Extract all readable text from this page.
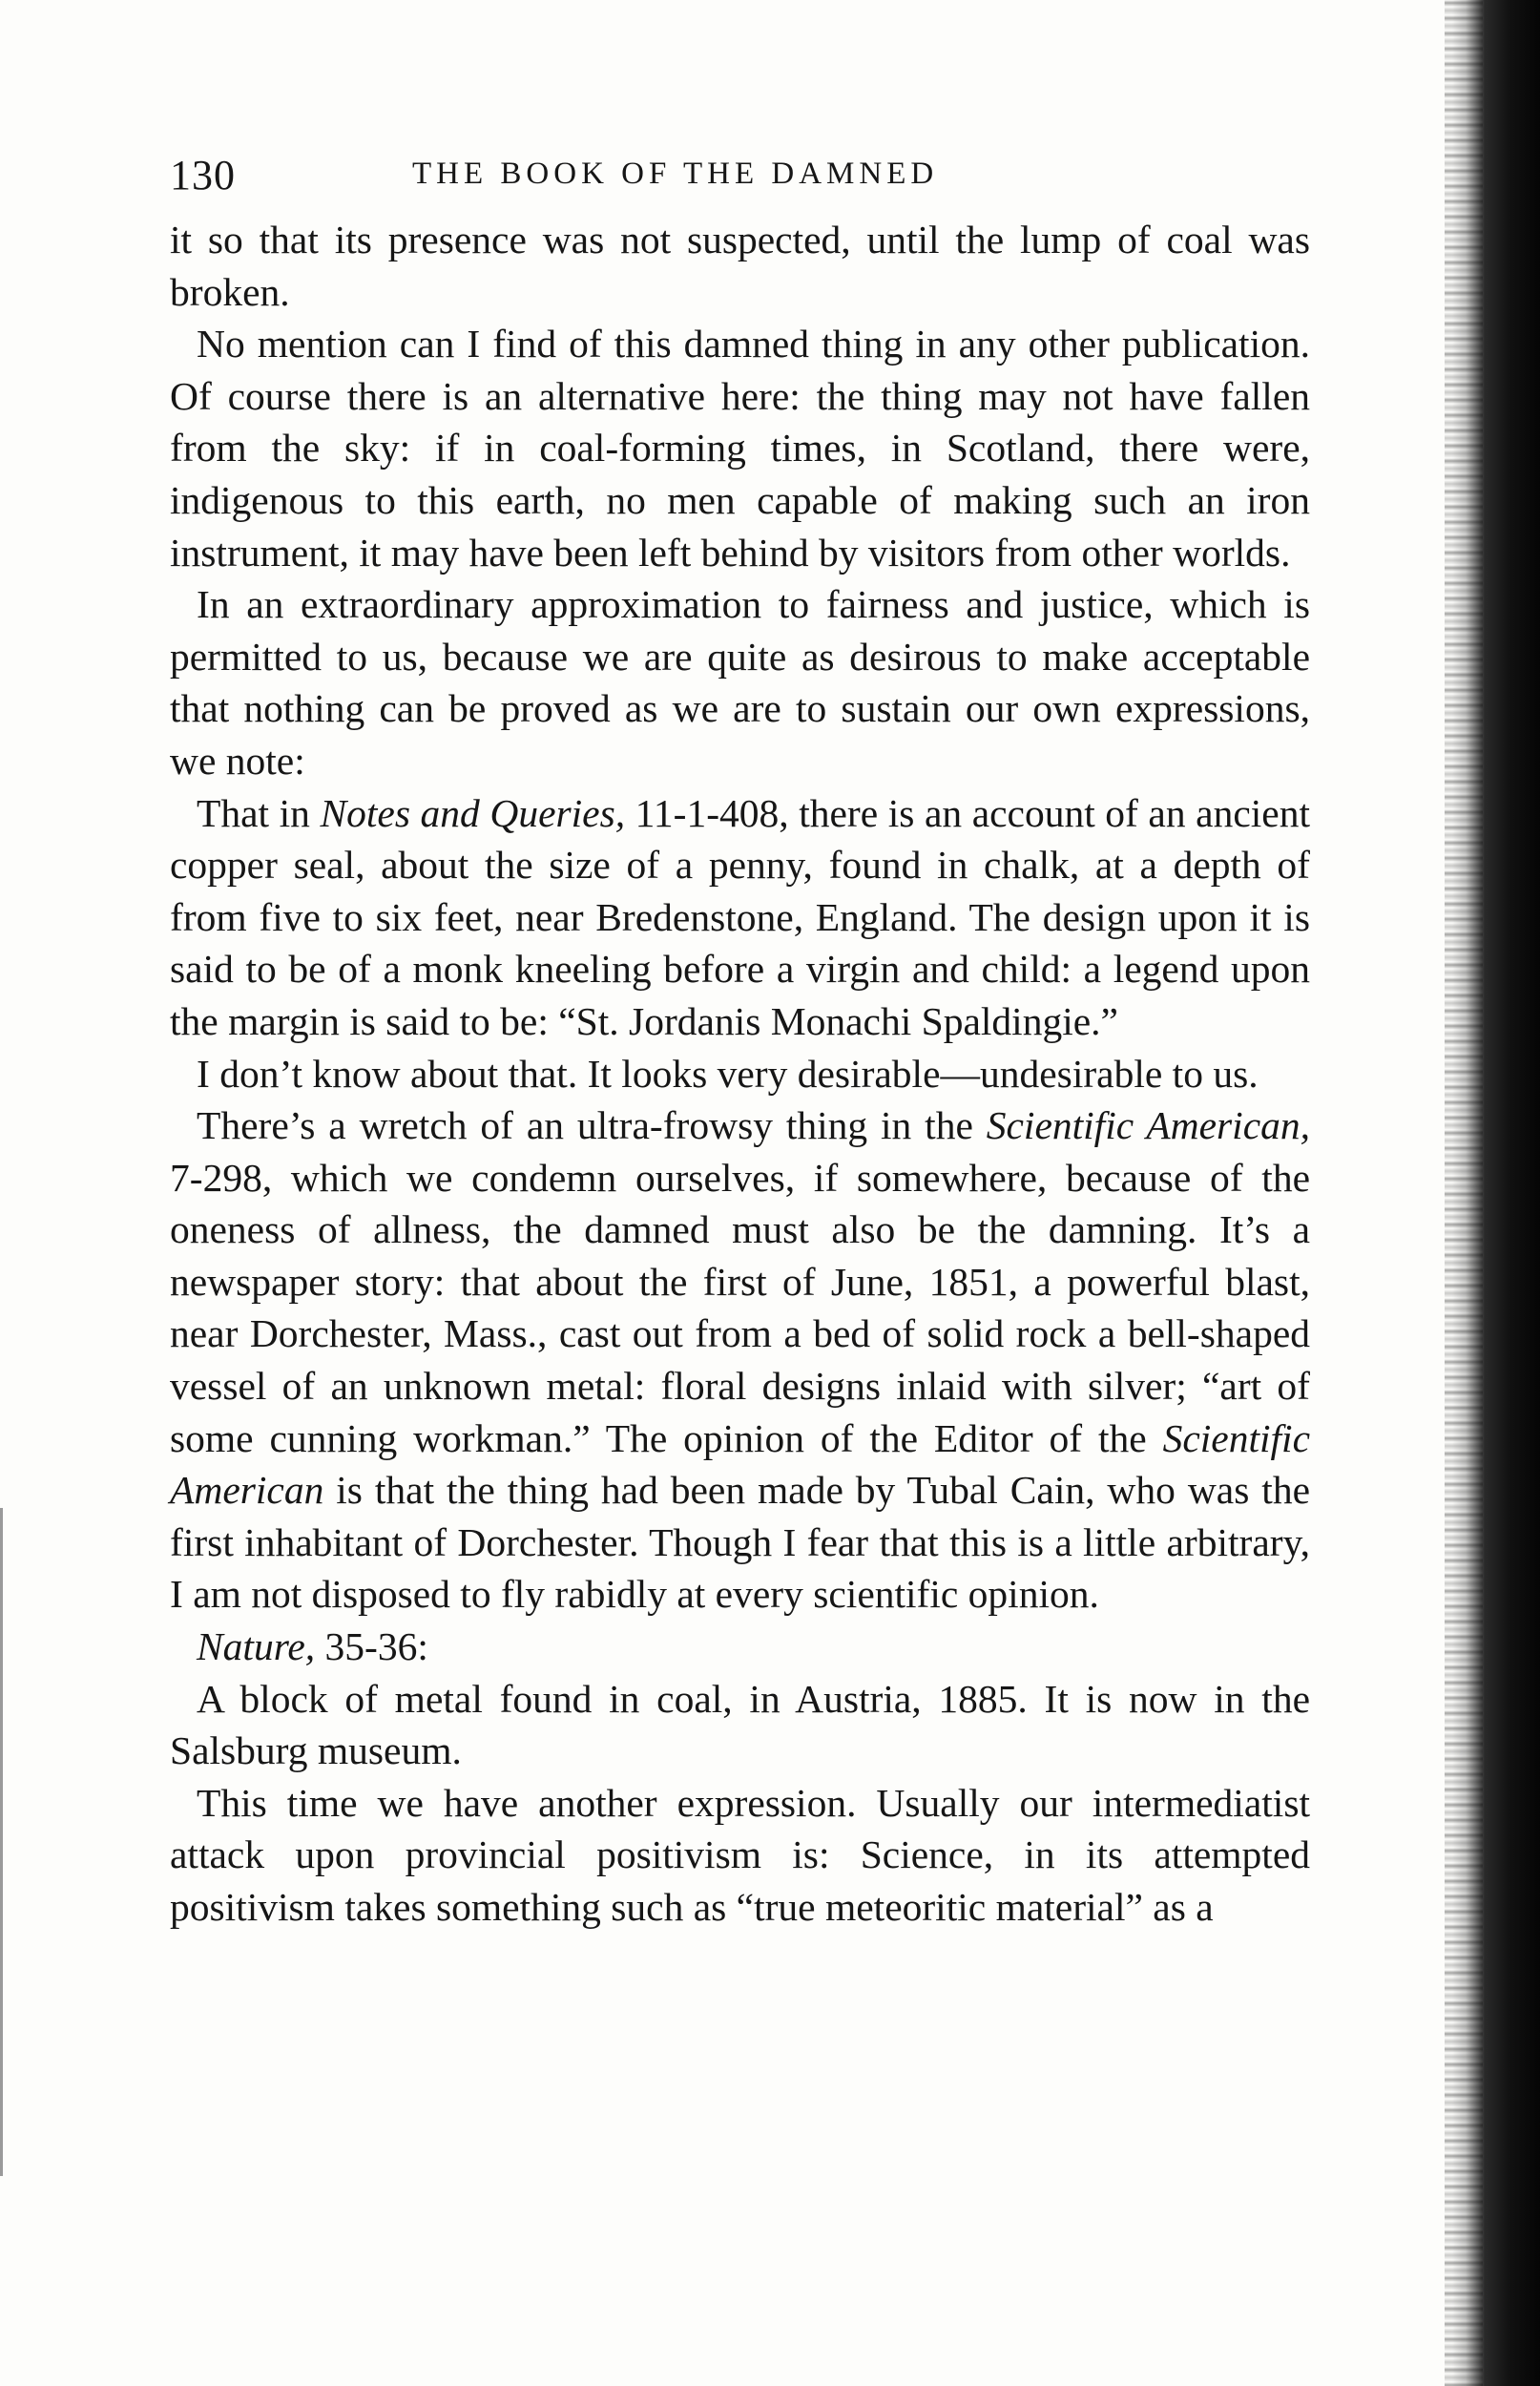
130	THE BOOK OF THE DAMNED

it so that its presence was not suspected, until the lump of coal was broken.

No mention can I find of this damned thing in any other publication. Of course there is an alternative here: the thing may not have fallen from the sky: if in coal-forming times, in Scotland, there were, indigenous to this earth, no men capable of making such an iron instrument, it may have been left behind by visitors from other worlds.

In an extraordinary approximation to fairness and justice, which is permitted to us, because we are quite as desirous to make acceptable that nothing can be proved as we are to sustain our own expressions, we note:

That in Notes and Queries, 11-1-408, there is an account of an ancient copper seal, about the size of a penny, found in chalk, at a depth of from five to six feet, near Bredenstone, England. The design upon it is said to be of a monk kneeling before a virgin and child: a legend upon the margin is said to be: “St. Jordanis Monachi Spaldingie.”

I don’t know about that. It looks very desirable—undesirable to us.

There’s a wretch of an ultra-frowsy thing in the Scientific American, 7-298, which we condemn ourselves, if somewhere, because of the oneness of allness, the damned must also be the damning. It’s a newspaper story: that about the first of June, 1851, a powerful blast, near Dorchester, Mass., cast out from a bed of solid rock a bell-shaped vessel of an unknown metal: floral designs inlaid with silver; “art of some cunning workman.” The opinion of the Editor of the Scientific American is that the thing had been made by Tubal Cain, who was the first inhabitant of Dorchester. Though I fear that this is a little arbitrary, I am not disposed to fly rabidly at every scientific opinion.

Nature, 35-36:

A block of metal found in coal, in Austria, 1885. It is now in the Salsburg museum.

This time we have another expression. Usually our intermediatist attack upon provincial positivism is: Science, in its attempted positivism takes something such as “true meteoritic material” as a
